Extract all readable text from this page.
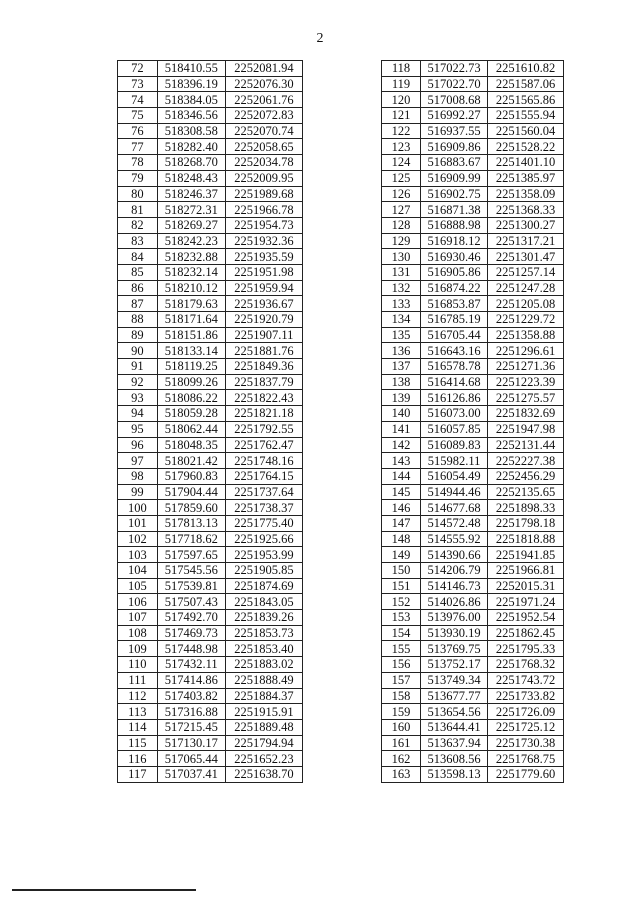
2
72	518410.55	2252081.94
73	518396.19	2252076.30
74	518384.05	2252061.76
75	518346.56	2252072.83
76	518308.58	2252070.74
77	518282.40	2252058.65
78	518268.70	2252034.78
79	518248.43	2252009.95
80	518246.37	2251989.68
81	518272.31	2251966.78
82	518269.27	2251954.73
83	518242.23	2251932.36
84	518232.88	2251935.59
85	518232.14	2251951.98
86	518210.12	2251959.94
87	518179.63	2251936.67
88	518171.64	2251920.79
89	518151.86	2251907.11
90	518133.14	2251881.76
91	518119.25	2251849.36
92	518099.26	2251837.79
93	518086.22	2251822.43
94	518059.28	2251821.18
95	518062.44	2251792.55
96	518048.35	2251762.47
97	518021.42	2251748.16
98	517960.83	2251764.15
99	517904.44	2251737.64
100	517859.60	2251738.37
101	517813.13	2251775.40
102	517718.62	2251925.66
103	517597.65	2251953.99
104	517545.56	2251905.85
105	517539.81	2251874.69
106	517507.43	2251843.05
107	517492.70	2251839.26
108	517469.73	2251853.73
109	517448.98	2251853.40
110	517432.11	2251883.02
111	517414.86	2251888.49
112	517403.82	2251884.37
113	517316.88	2251915.91
114	517215.45	2251889.48
115	517130.17	2251794.94
116	517065.44	2251652.23
117	517037.41	2251638.70
118	517022.73	2251610.82
119	517022.70	2251587.06
120	517008.68	2251565.86
121	516992.27	2251555.94
122	516937.55	2251560.04
123	516909.86	2251528.22
124	516883.67	2251401.10
125	516909.99	2251385.97
126	516902.75	2251358.09
127	516871.38	2251368.33
128	516888.98	2251300.27
129	516918.12	2251317.21
130	516930.46	2251301.47
131	516905.86	2251257.14
132	516874.22	2251247.28
133	516853.87	2251205.08
134	516785.19	2251229.72
135	516705.44	2251358.88
136	516643.16	2251296.61
137	516578.78	2251271.36
138	516414.68	2251223.39
139	516126.86	2251275.57
140	516073.00	2251832.69
141	516057.85	2251947.98
142	516089.83	2252131.44
143	515982.11	2252227.38
144	516054.49	2252456.29
145	514944.46	2252135.65
146	514677.68	2251898.33
147	514572.48	2251798.18
148	514555.92	2251818.88
149	514390.66	2251941.85
150	514206.79	2251966.81
151	514146.73	2252015.31
152	514026.86	2251971.24
153	513976.00	2251952.54
154	513930.19	2251862.45
155	513769.75	2251795.33
156	513752.17	2251768.32
157	513749.34	2251743.72
158	513677.77	2251733.82
159	513654.56	2251726.09
160	513644.41	2251725.12
161	513637.94	2251730.38
162	513608.56	2251768.75
163	513598.13	2251779.60
